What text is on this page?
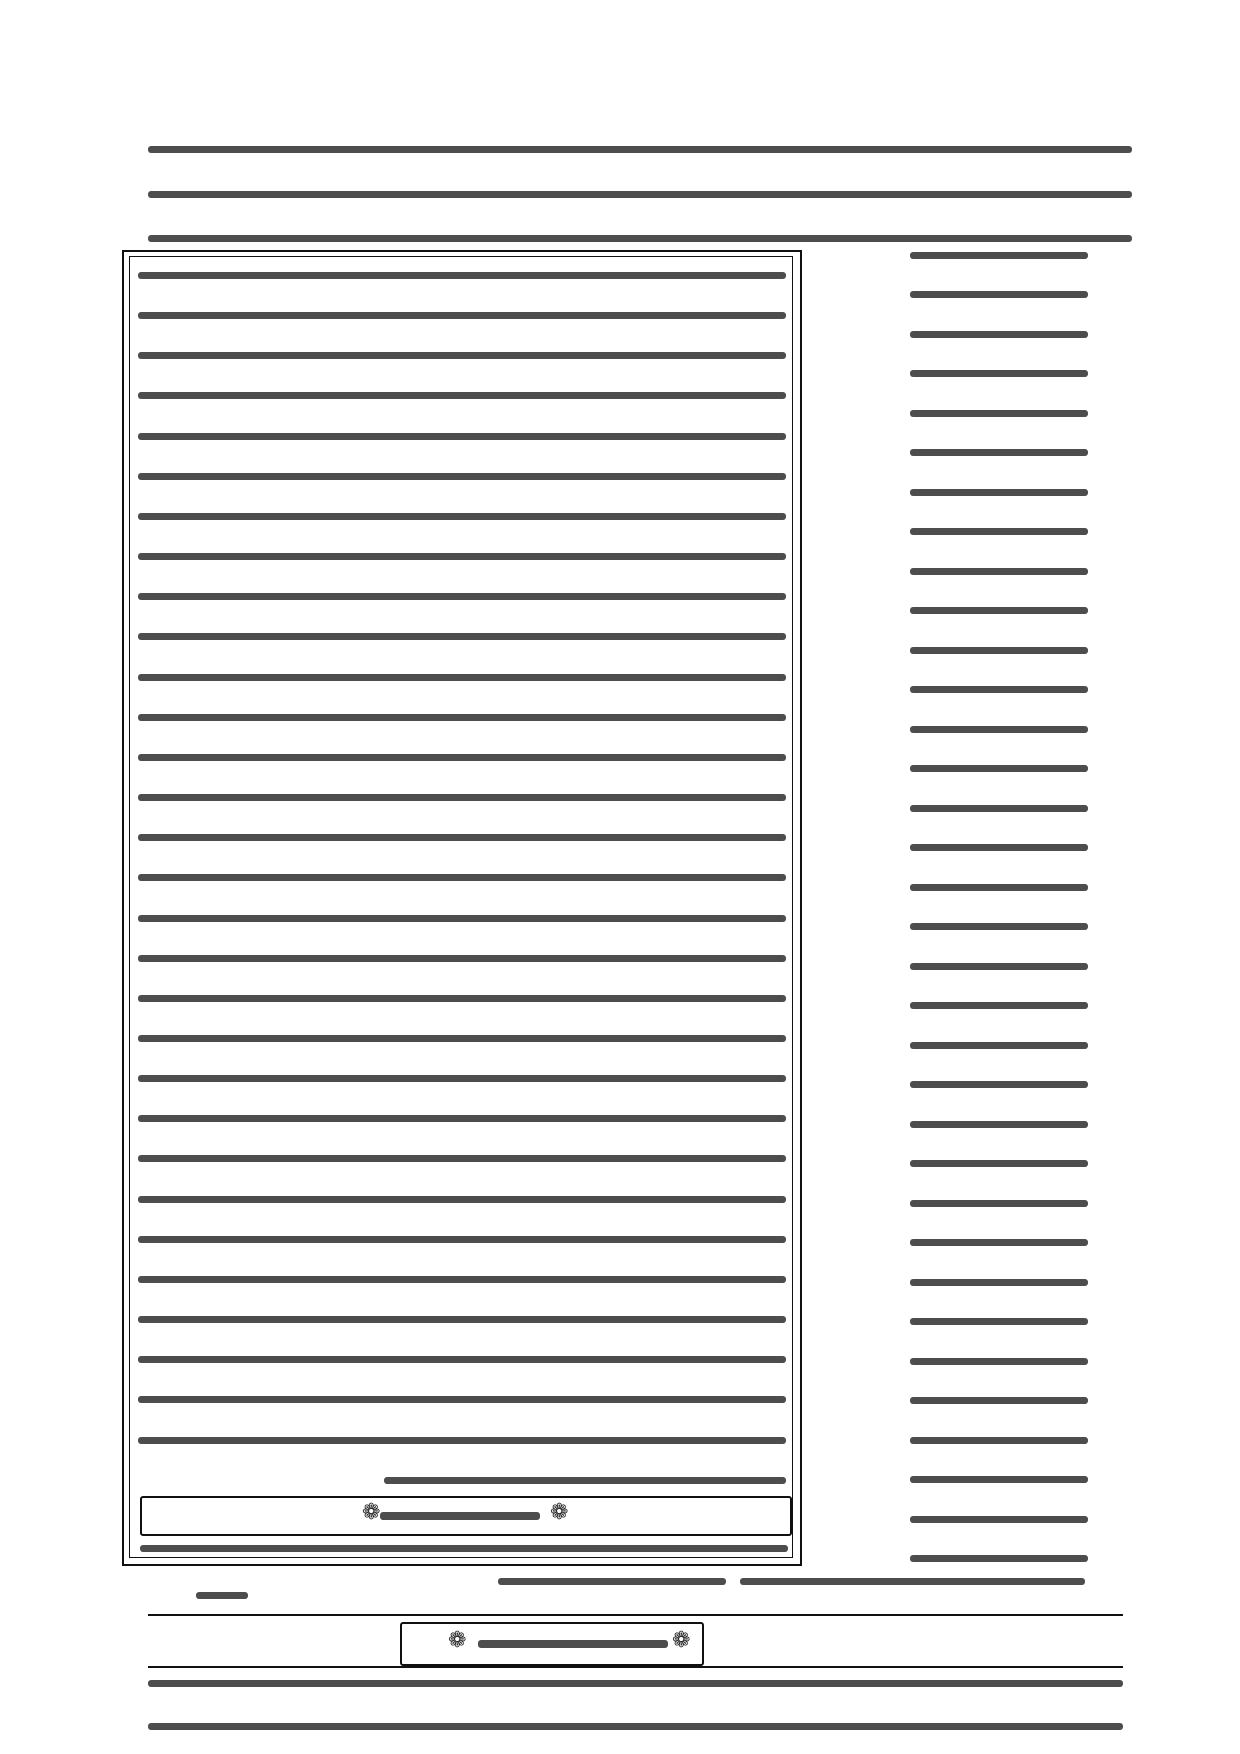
❁	❁
❁	❁
